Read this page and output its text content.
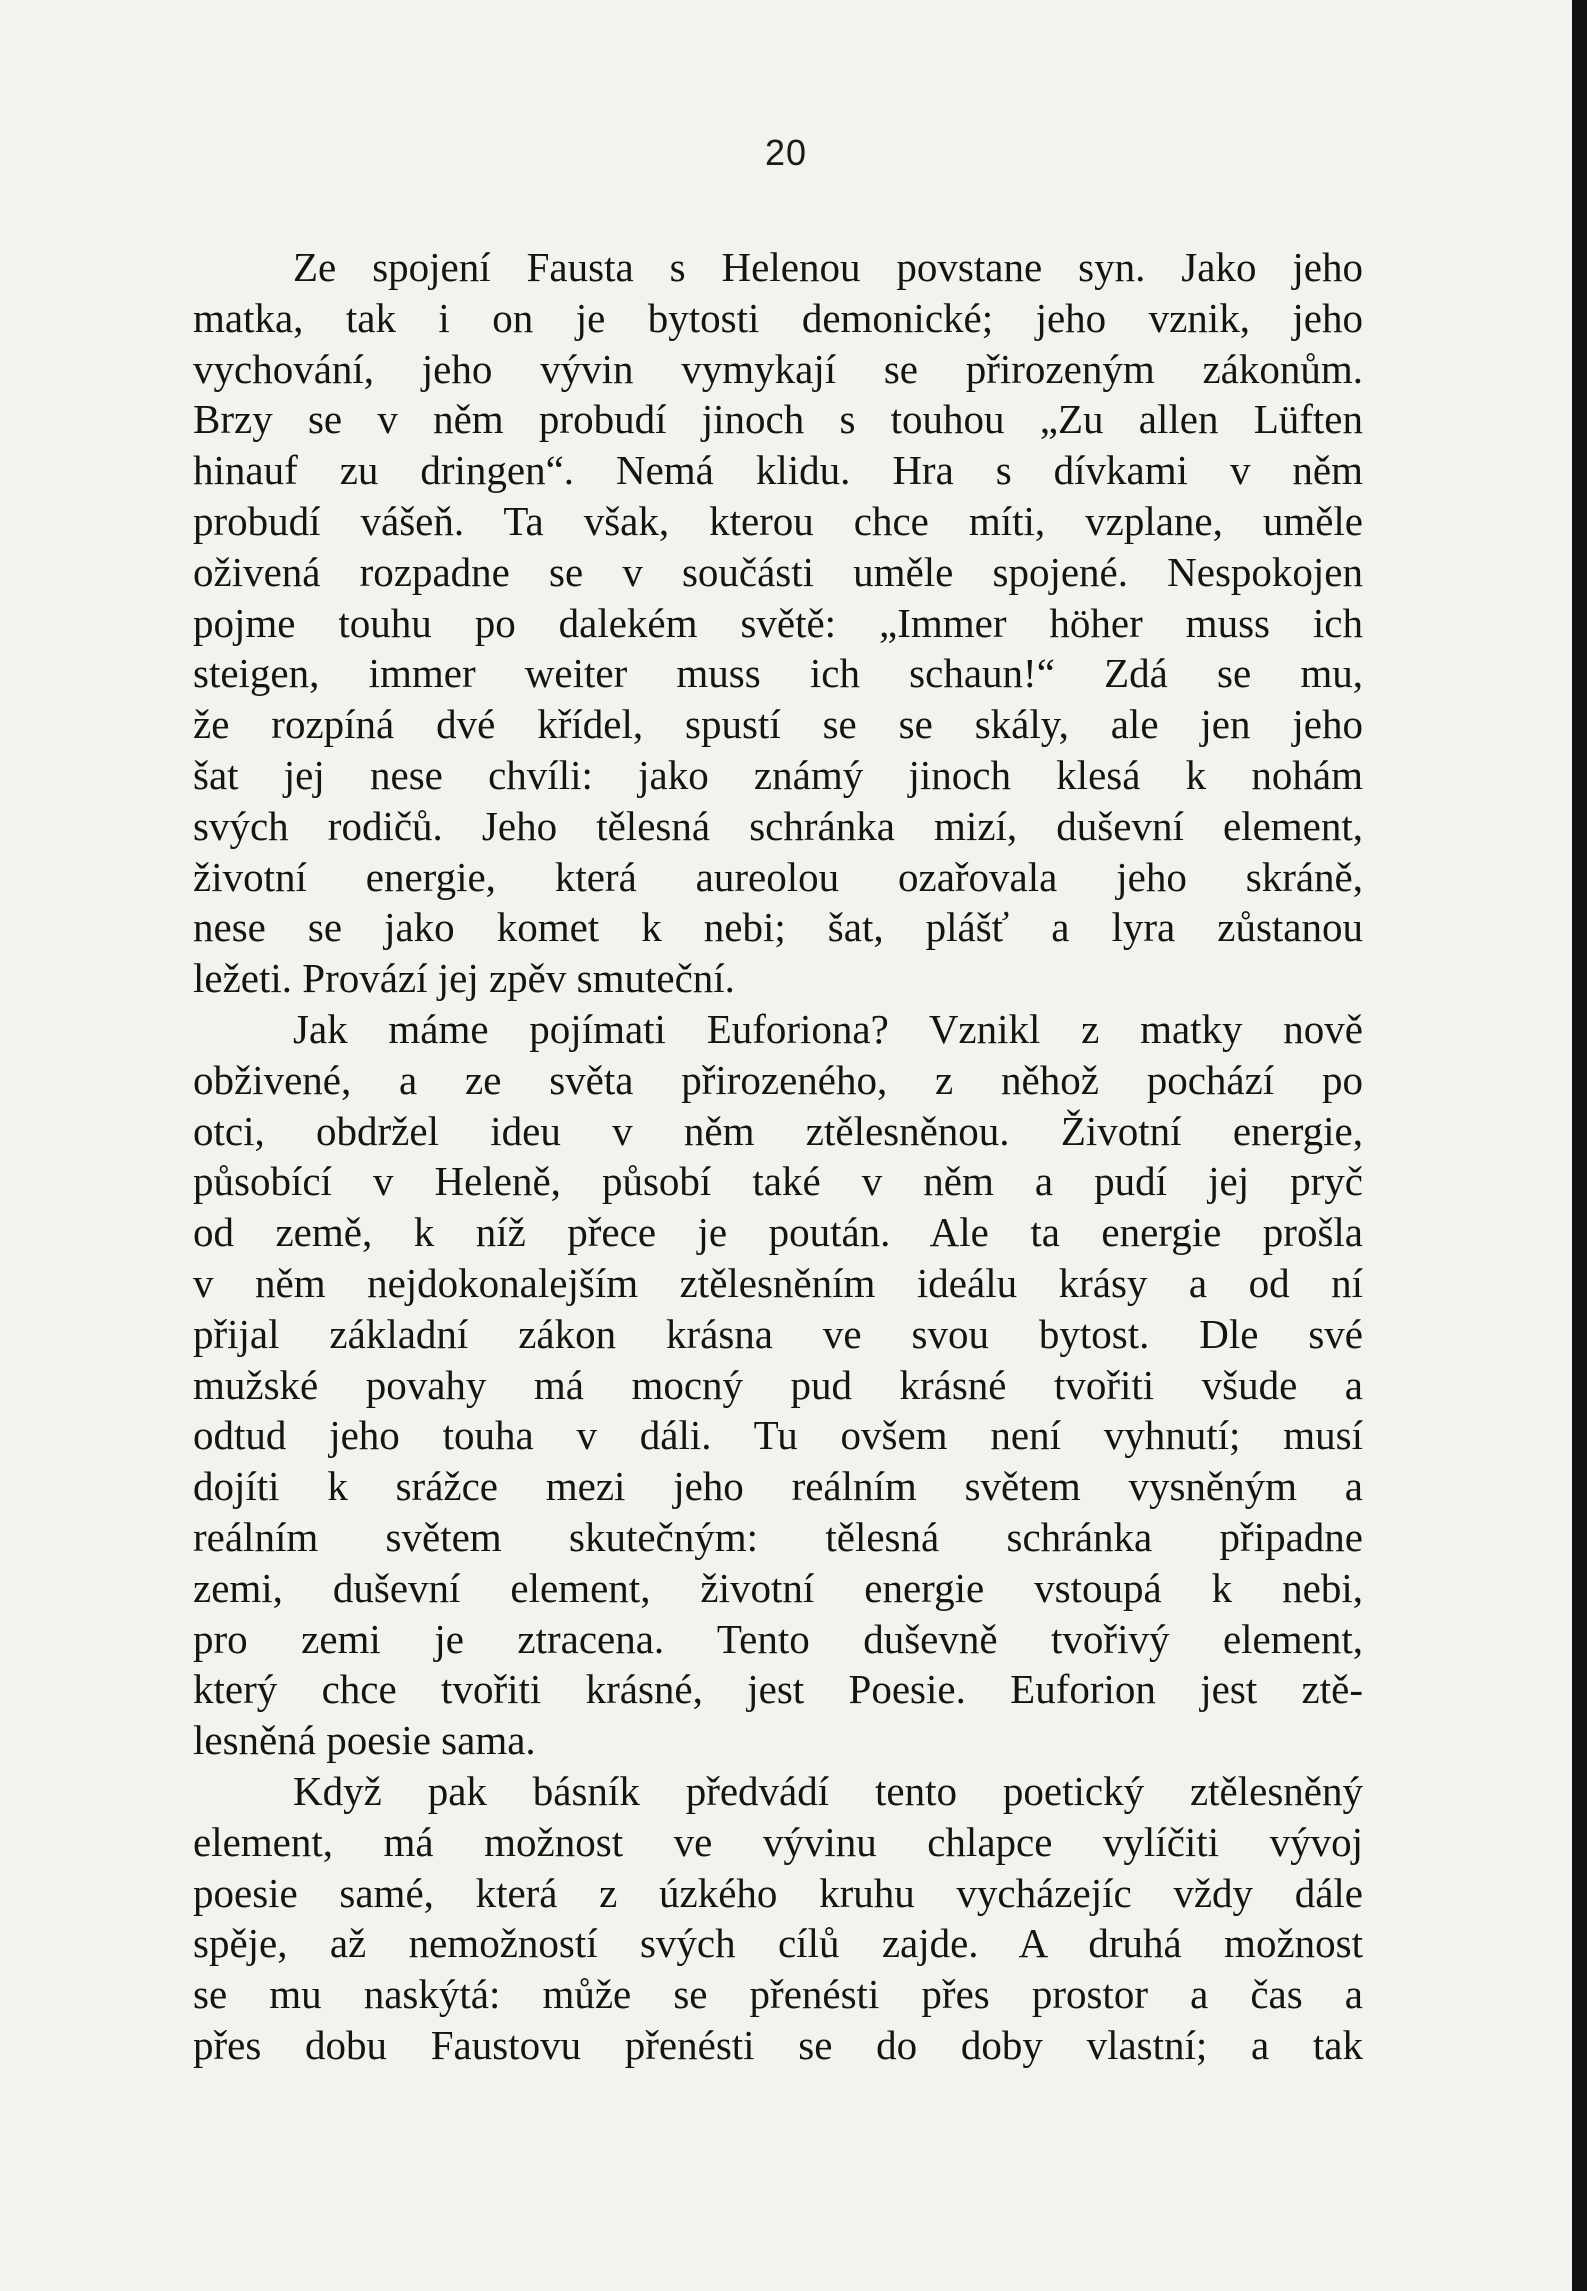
20
Ze spojení Fausta s Helenou povstane syn. Jako jeho
matka, tak i on je bytosti demonické; jeho vznik, jeho
vychování, jeho vývin vymykají se přirozeným zákonům.
Brzy se v něm probudí jinoch s touhou „Zu allen Lüften
hinauf zu dringen“. Nemá klidu. Hra s dívkami v něm
probudí vášeň. Ta však, kterou chce míti, vzplane, uměle
oživená rozpadne se v součásti uměle spojené. Nespokojen
pojme touhu po dalekém světě: „Immer höher muss ich
steigen, immer weiter muss ich schaun!“ Zdá se mu,
že rozpíná dvé křídel, spustí se se skály, ale jen jeho
šat jej nese chvíli: jako známý jinoch klesá k nohám
svých rodičů. Jeho tělesná schránka mizí, duševní element,
životní energie, která aureolou ozařovala jeho skráně,
nese se jako komet k nebi; šat, plášť a lyra zůstanou
ležeti. Provází jej zpěv smuteční.
Jak máme pojímati Euforiona? Vznikl z matky nově
obživené, a ze světa přirozeného, z něhož pochází po
otci, obdržel ideu v něm ztělesněnou. Životní energie,
působící v Heleně, působí také v něm a pudí jej pryč
od země, k níž přece je poután. Ale ta energie prošla
v něm nejdokonalejším ztělesněním ideálu krásy a od ní
přijal základní zákon krásna ve svou bytost. Dle své
mužské povahy má mocný pud krásné tvořiti všude a
odtud jeho touha v dáli. Tu ovšem není vyhnutí; musí
dojíti k srážce mezi jeho reálním světem vysněným a
reálním světem skutečným: tělesná schránka připadne
zemi, duševní element, životní energie vstoupá k nebi,
pro zemi je ztracena. Tento duševně tvořivý element,
který chce tvořiti krásné, jest Poesie. Euforion jest ztě-
lesněná poesie sama.
Když pak básník předvádí tento poetický ztělesněný
element, má možnost ve vývinu chlapce vylíčiti vývoj
poesie samé, která z úzkého kruhu vycházejíc vždy dále
spěje, až nemožností svých cílů zajde. A druhá možnost
se mu naskýtá: může se přenésti přes prostor a čas a
přes dobu Faustovu přenésti se do doby vlastní; a tak
